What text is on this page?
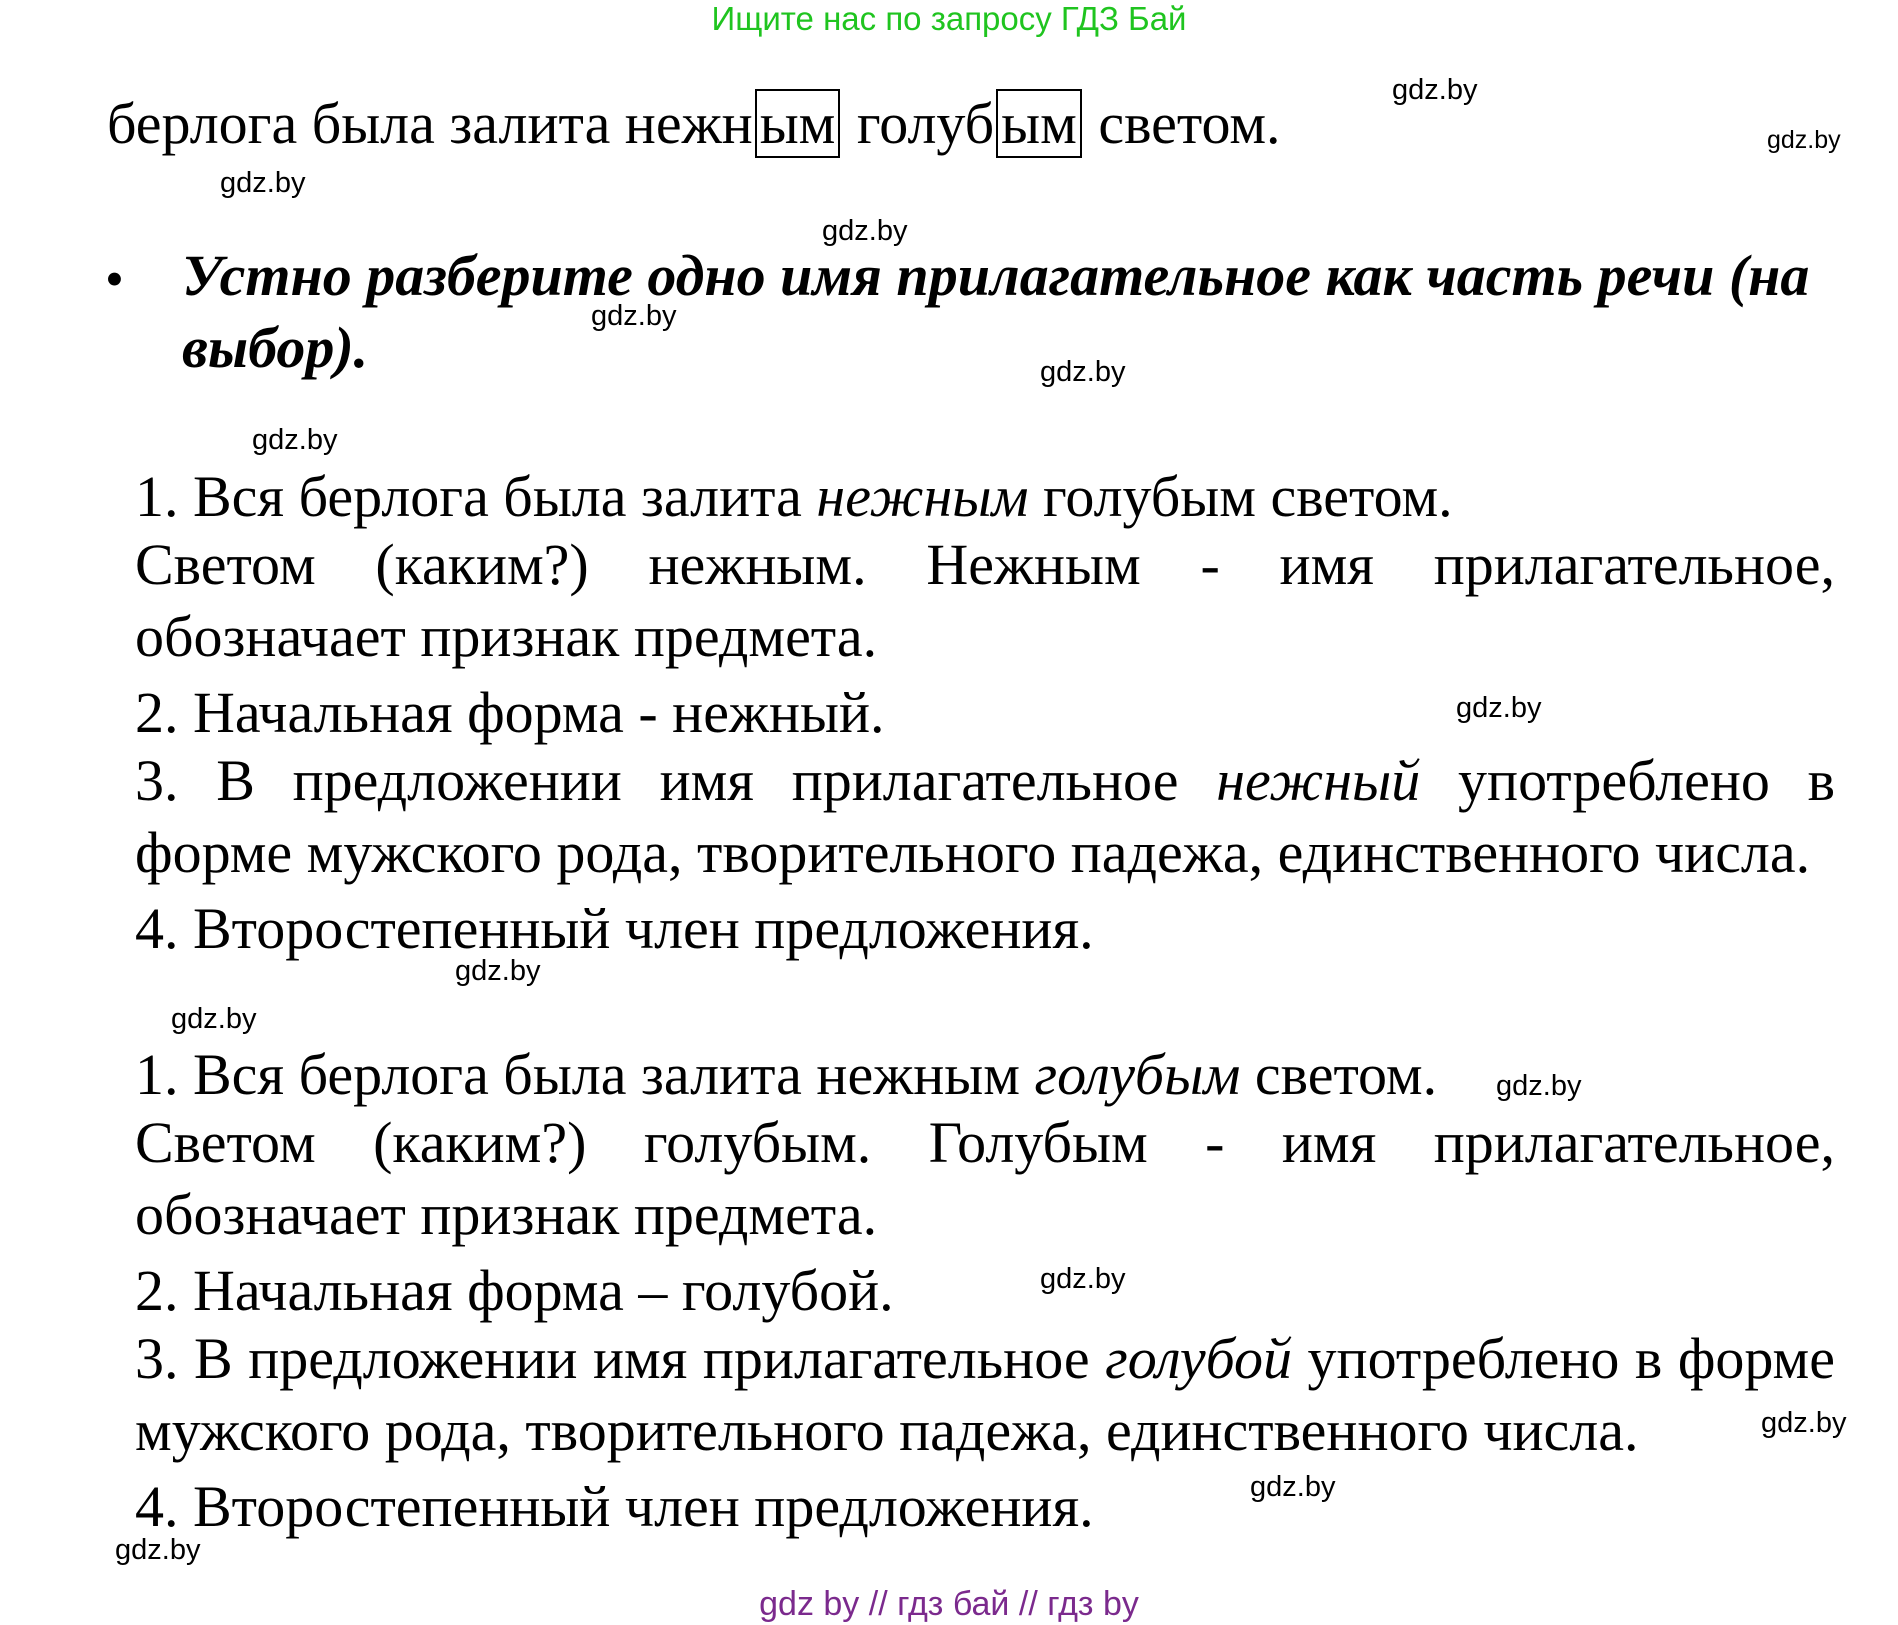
Ищите нас по запросу ГДЗ Бай
берлога была залита нежн ым голуб ым светом.
• Устно разберите одно имя прилагательное как часть речи (на выбор).
1. Вся берлога была залита нежным голубым светом.
Светом (каким?) нежным. Нежным - имя прилагательное, обозначает признак предмета.
2. Начальная форма - нежный.
3. В предложении имя прилагательное нежный употреблено в форме мужского рода, творительного падежа, единственного числа.
4. Второстепенный член предложения.
1. Вся берлога была залита нежным голубым светом.
Светом (каким?) голубым. Голубым - имя прилагательное, обозначает признак предмета.
2. Начальная форма – голубой.
3. В предложении имя прилагательное голубой употреблено в форме мужского рода, творительного падежа, единственного числа.
4. Второстепенный член предложения.
gdz.by
gdz.by
gdz.by
gdz.by
gdz.by
gdz.by
gdz.by
gdz.by
gdz.by
gdz.by
gdz.by
gdz.by
gdz.by
gdz.by
gdz.by
gdz by // гдз бай // гдз by
